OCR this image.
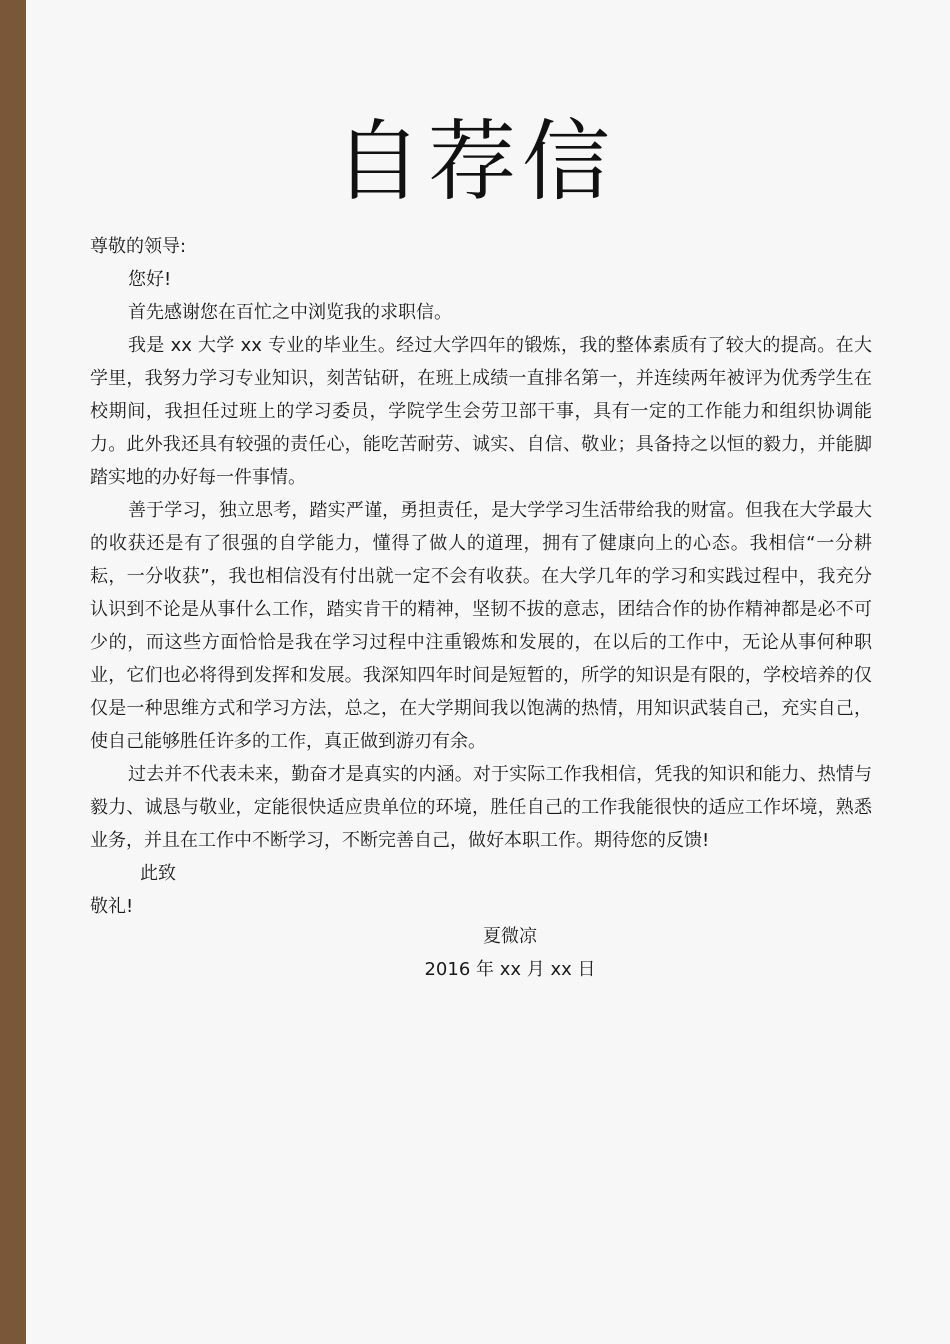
自荐信

尊敬的领导:

您好!

首先感谢您在百忙之中浏览我的求职信。

我是 xx 大学 xx 专业的毕业生。经过大学四年的锻炼，我的整体素质有了较大的提高。在大学里，我努力学习专业知识，刻苦钻研，在班上成绩一直排名第一，并连续两年被评为优秀学生在校期间，我担任过班上的学习委员，学院学生会劳卫部干事，具有一定的工作能力和组织协调能力。此外我还具有较强的责任心，能吃苦耐劳、诚实、自信、敬业；具备持之以恒的毅力，并能脚踏实地的办好每一件事情。

善于学习，独立思考，踏实严谨，勇担责任，是大学学习生活带给我的财富。但我在大学最大的收获还是有了很强的自学能力，懂得了做人的道理，拥有了健康向上的心态。我相信“一分耕耘，一分收获”，我也相信没有付出就一定不会有收获。在大学几年的学习和实践过程中，我充分认识到不论是从事什么工作，踏实肯干的精神，坚韧不拔的意志，团结合作的协作精神都是必不可少的，而这些方面恰恰是我在学习过程中注重锻炼和发展的，在以后的工作中，无论从事何种职业，它们也必将得到发挥和发展。我深知四年时间是短暂的，所学的知识是有限的，学校培养的仅仅是一种思维方式和学习方法，总之，在大学期间我以饱满的热情，用知识武装自己，充实自己，使自己能够胜任许多的工作，真正做到游刃有余。

过去并不代表未来，勤奋才是真实的内涵。对于实际工作我相信，凭我的知识和能力、热情与毅力、诚恳与敬业，定能很快适应贵单位的环境，胜任自己的工作我能很快的适应工作坏境，熟悉业务，并且在工作中不断学习，不断完善自己，做好本职工作。期待您的反馈!

此致

敬礼!

夏微凉
2016 年 xx 月 xx 日
